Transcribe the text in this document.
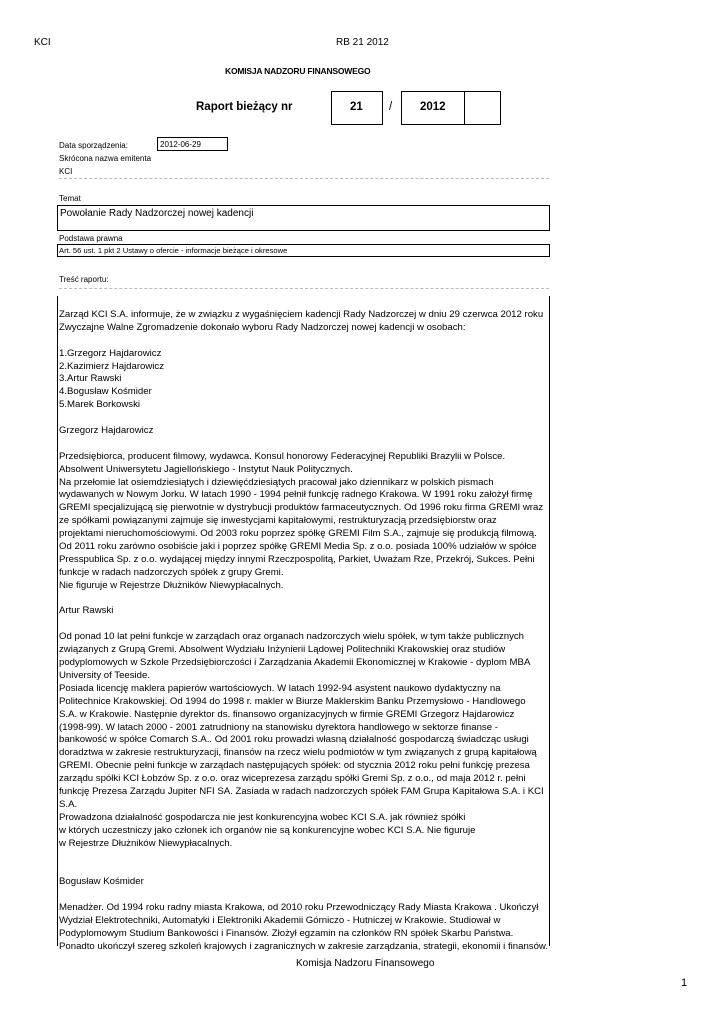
KCI	RB 21 2012
KOMISJA NADZORU FINANSOWEGO
Raport bieżący nr	21 / 2012
Data sporządzenia:	2012-06-29
Skrócona nazwa emitenta
KCI
Temat
Powołanie Rady Nadzorczej nowej kadencji
Podstawa prawna
Art. 56 ust. 1 pkt 2 Ustawy o ofercie - informacje bieżące i okresowe
Treść raportu:
Zarząd KCI S.A. informuje, że w związku z wygaśnięciem kadencji Rady Nadzorczej w dniu 29 czerwca 2012 roku
Zwyczajne Walne Zgromadzenie dokonało wyboru Rady Nadzorczej nowej kadencji w osobach:
1.Grzegorz Hajdarowicz
2.Kazimierz Hajdarowicz
3.Artur Rawski
4.Bogusław Kośmider
5.Marek Borkowski
Grzegorz Hajdarowicz
Przedsiębiorca, producent filmowy, wydawca. Konsul honorowy Federacyjnej Republiki Brazylii w Polsce.
Absolwent Uniwersytetu Jagiellońskiego - Instytut Nauk Politycznych.
Na przełomie lat osiemdziesiątych i dziewięćdziesiątych pracował jako dziennikarz w polskich pismach
wydawanych w Nowym Jorku. W latach 1990 - 1994 pełnił funkcję radnego Krakowa. W 1991 roku założył firmę
GREMI specjalizującą się pierwotnie w dystrybucji produktów farmaceutycznych. Od 1996 roku firma GREMI wraz
ze spółkami powiązanymi zajmuje się inwestycjami kapitałowymi, restrukturyzacją przedsiębiorstw oraz
projektami nieruchomościowymi. Od 2003 roku poprzez spółkę GREMI Film S.A., zajmuje się produkcją filmową.
Od 2011 roku zarówno osobiście jaki i poprzez spółkę GREMI Media Sp. z o.o. posiada 100% udziałów w spółce
Presspublica Sp. z o.o. wydającej między innymi Rzeczpospolitą, Parkiet, Uważam Rze, Przekrój, Sukces. Pełni
funkcje w radach nadzorczych spółek z grupy Gremi.
Nie figuruje w Rejestrze Dłużników Niewypłacalnych.
Artur Rawski
Od ponad 10 lat pełni funkcje w zarządach oraz organach nadzorczych wielu spółek, w tym także publicznych
związanych z Grupą Gremi. Absolwent Wydziału Inżynierii Lądowej Politechniki Krakowskiej oraz studiów
podyplomowych w Szkole Przedsiębiorczości i Zarządzania Akademii Ekonomicznej w Krakowie - dyplom MBA
University of Teeside.
Posiada licencję maklera papierów wartościowych. W latach 1992-94 asystent naukowo dydaktyczny na
Politechnice Krakowskiej. Od 1994 do 1998 r. makler w Biurze Maklerskim Banku Przemysłowo - Handlowego
S.A. w Krakowie. Następnie dyrektor ds. finansowo organizacyjnych w firmie GREMI Grzegorz Hajdarowicz
(1998-99). W latach 2000 - 2001 zatrudniony na stanowisku dyrektora handlowego w sektorze finanse -
bankowość w spółce Comarch S.A.. Od 2001 roku prowadzi własną działalność gospodarczą świadcząc usługi
doradztwa w zakresie restrukturyzacji, finansów na rzecz wielu podmiotów w tym związanych z grupą kapitałową
GREMI. Obecnie pełni funkcje w zarządach następujących spółek: od stycznia 2012 roku pełni funkcję prezesa
zarządu spółki KCI Łobzów Sp. z o.o. oraz wiceprezesa zarządu spółki Gremi Sp. z o.o., od maja 2012 r. pełni
funkcję Prezesa Zarządu Jupiter NFI SA. Zasiada w radach nadzorczych spółek FAM Grupa Kapitałowa S.A. i KCI
S.A.
Prowadzona działalność gospodarcza nie jest konkurencyjna wobec KCI S.A. jak również spółki
w których uczestniczy jako członek ich organów nie są konkurencyjne wobec KCI S.A. Nie figuruje
w Rejestrze Dłużników Niewypłacalnych.
Bogusław Kośmider
Menadżer. Od 1994 roku radny miasta Krakowa, od 2010 roku Przewodniczący Rady Miasta Krakowa . Ukończył
Wydział Elektrotechniki, Automatyki i Elektroniki Akademii Górniczo - Hutniczej w Krakowie. Studiował w
Podyplomowym Studium Bankowości i Finansów. Złożył egzamin na członków RN spółek Skarbu Państwa.
Ponadto ukończył szereg szkoleń krajowych i zagranicznych w zakresie zarządzania, strategii, ekonomii i finansów.
Komisja Nadzoru Finansowego
1
